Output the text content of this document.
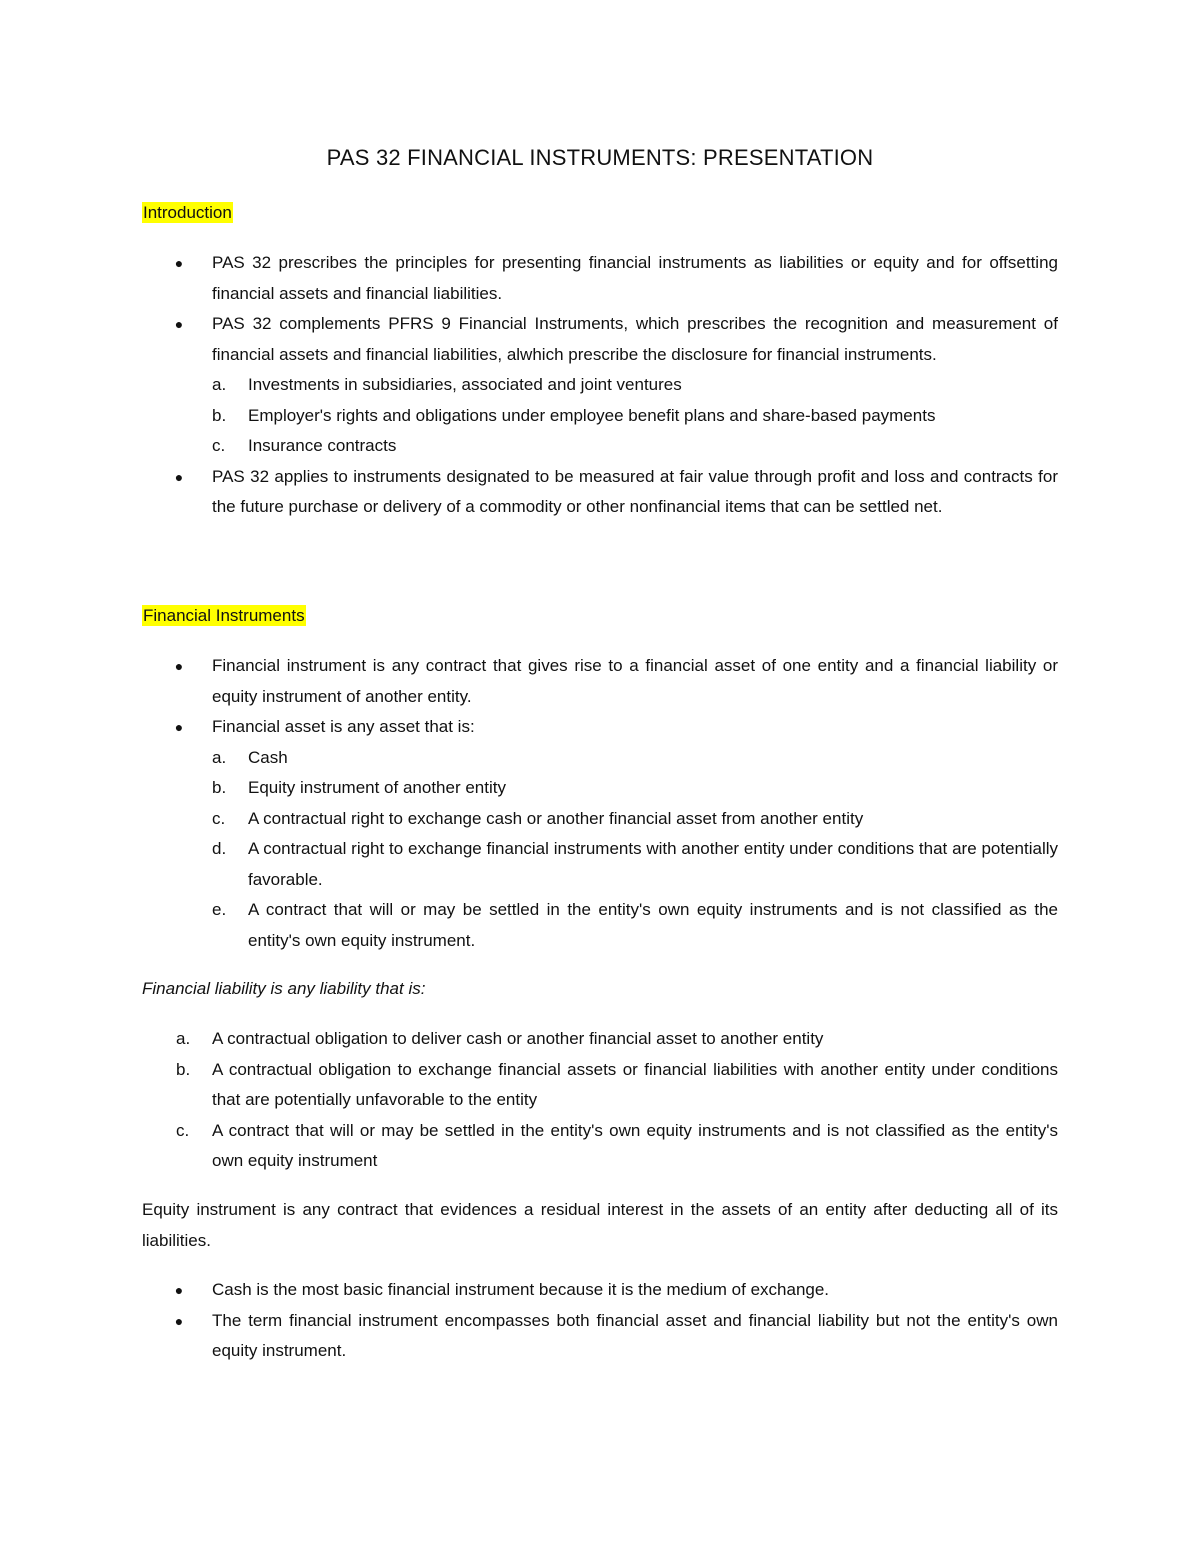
PAS 32 FINANCIAL INSTRUMENTS: PRESENTATION
Introduction
● PAS 32 prescribes the principles for presenting financial instruments as liabilities or equity and for offsetting financial assets and financial liabilities.
● PAS 32 complements PFRS 9 Financial Instruments, which prescribes the recognition and measurement of financial assets and financial liabilities, alwhich prescribe the disclosure for financial instruments.
a. Investments in subsidiaries, associated and joint ventures
b. Employer's rights and obligations under employee benefit plans and share-based payments
c. Insurance contracts
● PAS 32 applies to instruments designated to be measured at fair value through profit and loss and contracts for the future purchase or delivery of a commodity or other nonfinancial items that can be settled net.
Financial Instruments
● Financial instrument is any contract that gives rise to a financial asset of one entity and a financial liability or equity instrument of another entity.
● Financial asset is any asset that is:
a. Cash
b. Equity instrument of another entity
c. A contractual right to exchange cash or another financial asset from another entity
d. A contractual right to exchange financial instruments with another entity under conditions that are potentially favorable.
e. A contract that will or may be settled in the entity's own equity instruments and is not classified as the entity's own equity instrument.
Financial liability is any liability that is:
a. A contractual obligation to deliver cash or another financial asset to another entity
b. A contractual obligation to exchange financial assets or financial liabilities with another entity under conditions that are potentially unfavorable to the entity
c. A contract that will or may be settled in the entity's own equity instruments and is not classified as the entity's own equity instrument
Equity instrument is any contract that evidences a residual interest in the assets of an entity after deducting all of its liabilities.
● Cash is the most basic financial instrument because it is the medium of exchange.
● The term financial instrument encompasses both financial asset and financial liability but not the entity's own equity instrument.
